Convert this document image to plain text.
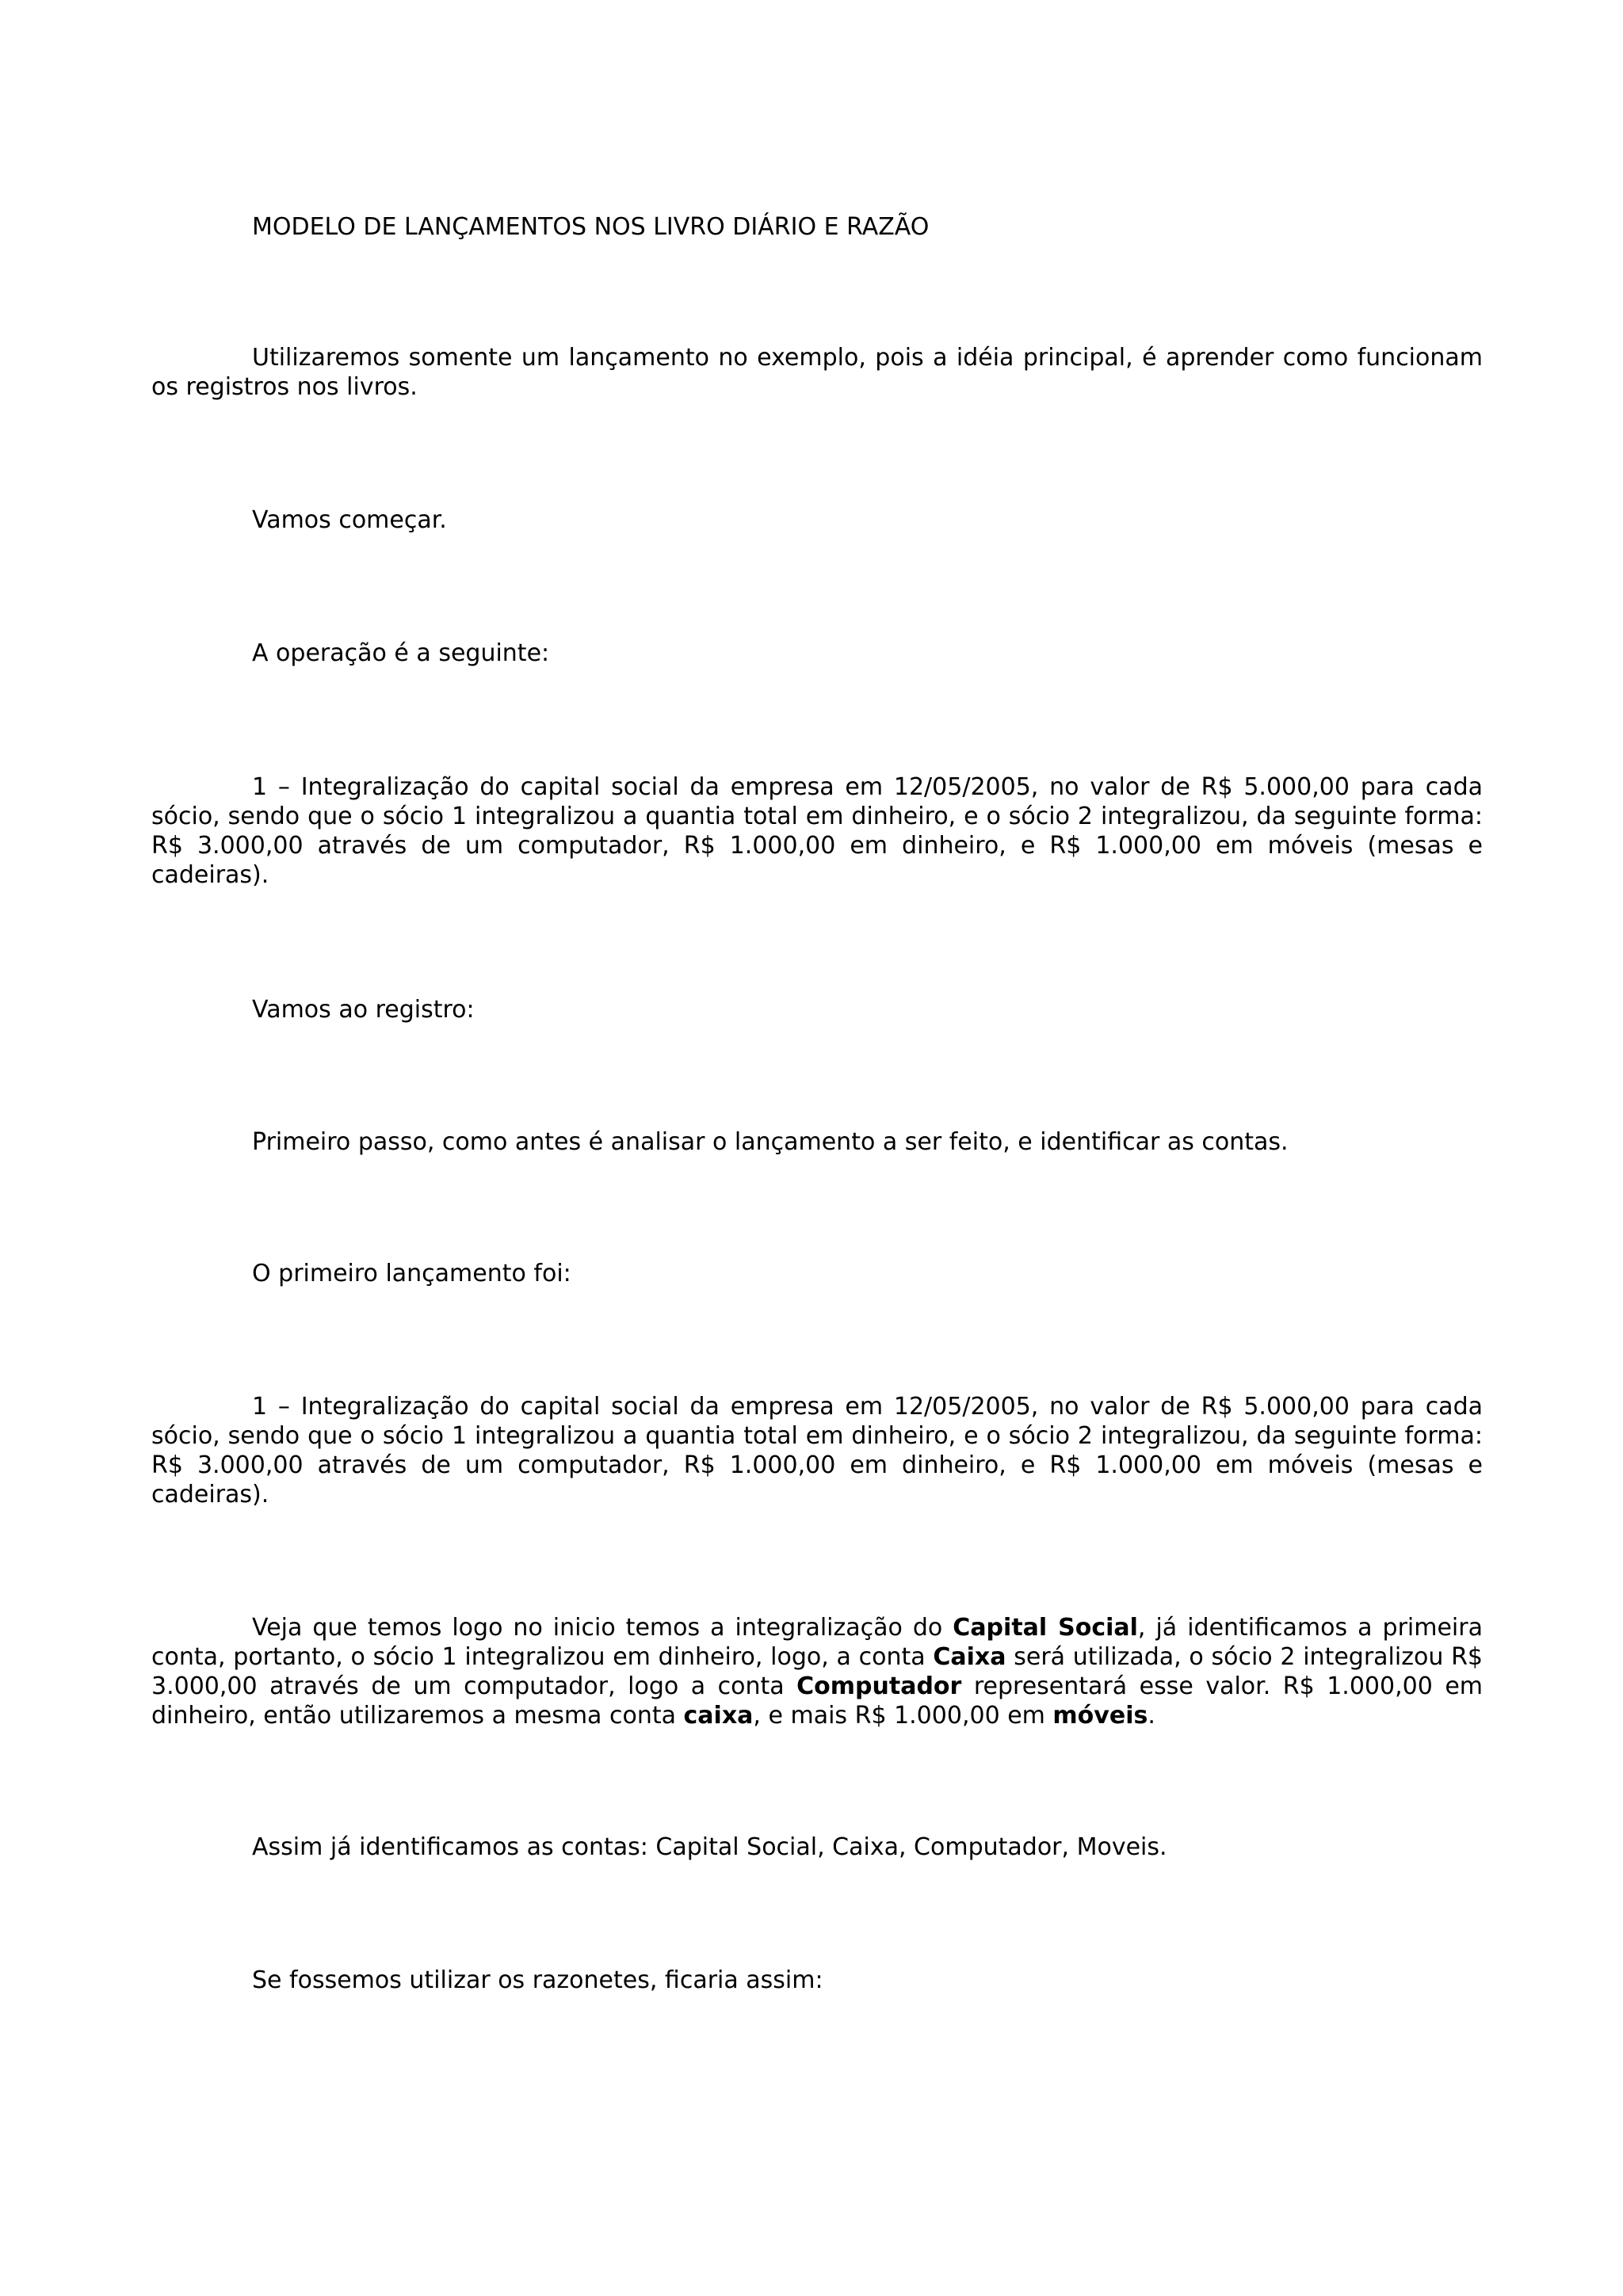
MODELO DE LANÇAMENTOS NOS LIVRO DIÁRIO E RAZÃO

Utilizaremos somente um lançamento no exemplo, pois a idéia principal, é aprender como funcionam os registros nos livros.

Vamos começar.

A operação é a seguinte:

1 – Integralização do capital social da empresa em 12/05/2005, no valor de R$ 5.000,00 para cada sócio, sendo que o sócio 1 integralizou a quantia total em dinheiro, e o sócio 2 integralizou, da seguinte forma: R$ 3.000,00 através de um computador, R$ 1.000,00 em dinheiro, e R$ 1.000,00 em móveis (mesas e cadeiras).

Vamos ao registro:

Primeiro passo, como antes é analisar o lançamento a ser feito, e identificar as contas.

O primeiro lançamento foi:

1 – Integralização do capital social da empresa em 12/05/2005, no valor de R$ 5.000,00 para cada sócio, sendo que o sócio 1 integralizou a quantia total em dinheiro, e o sócio 2 integralizou, da seguinte forma: R$ 3.000,00 através de um computador, R$ 1.000,00 em dinheiro, e R$ 1.000,00 em móveis (mesas e cadeiras).

Veja que temos logo no inicio temos a integralização do Capital Social, já identificamos a primeira conta, portanto, o sócio 1 integralizou em dinheiro, logo, a conta Caixa será utilizada, o sócio 2 integralizou R$ 3.000,00 através de um computador, logo a conta Computador representará esse valor. R$ 1.000,00 em dinheiro, então utilizaremos a mesma conta caixa, e mais R$ 1.000,00 em móveis.

Assim já identificamos as contas: Capital Social, Caixa, Computador, Moveis.

Se fossemos utilizar os razonetes, ficaria assim:
